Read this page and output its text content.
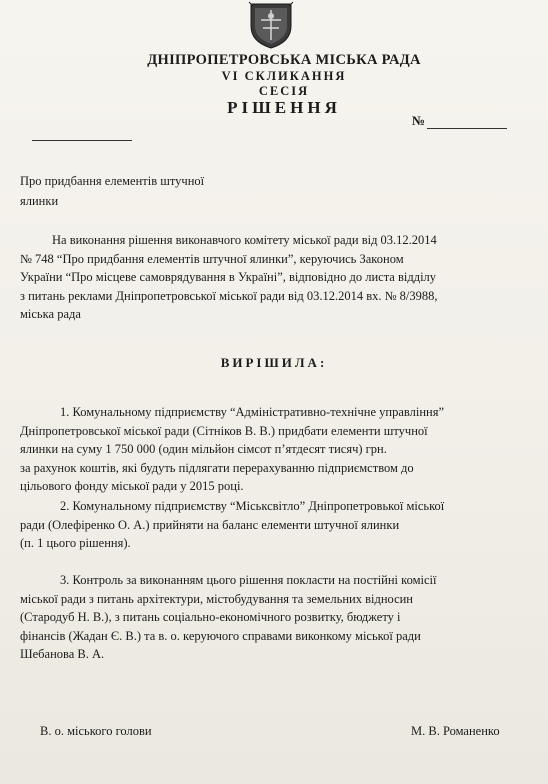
ДНІПРОПЕТРОВСЬКА МІСЬКА РАДА

VI СКЛИКАННЯ

СЕСІЯ

РІШЕННЯ

№

Про придбання елементів штучної
ялинки

На виконання рішення виконавчого комітету міської ради від 03.12.2014
№ 748 “Про придбання елементів штучної ялинки”, керуючись Законом
України “Про місцеве самоврядування в Україні”, відповідно до листа відділу
з питань реклами Дніпропетровської міської ради від 03.12.2014 вх. № 8/3988,
міська рада

ВИРІШИЛА:

1. Комунальному підприємству “Адміністративно-технічне управління”
Дніпропетровської міської ради (Сітніков В. В.) придбати елементи штучної
ялинки на суму 1 750 000 (один мільйон сімсот п’ятдесят тисяч) грн.
за рахунок коштів, які будуть підлягати перерахуванню підприємством до
цільового фонду міської ради у 2015 році.

2. Комунальному підприємству “Міськсвітло” Дніпропетровької міської
ради (Олефіренко О. А.) прийняти на баланс елементи штучної ялинки
(п. 1 цього рішення).

3. Контроль за виконанням цього рішення покласти на постійні комісії
міської ради з питань архітектури, містобудування та земельних відносин
(Стародуб Н. В.), з питань соціально-економічного розвитку, бюджету і
фінансів (Жадан Є. В.) та в. о. керуючого справами виконкому міської ради
Шебанова В. А.

В. о. міського голови	М. В. Романенко
